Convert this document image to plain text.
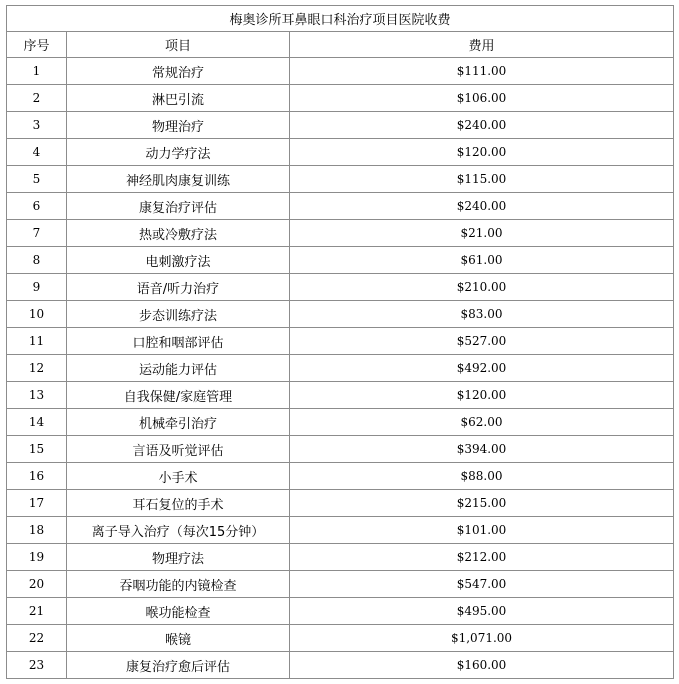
梅奥诊所耳鼻眼口科治疗项目医院收费		
序号	项目	费用
1	常规治疗	$111.00
2	淋巴引流	$106.00
3	物理治疗	$240.00
4	动力学疗法	$120.00
5	神经肌肉康复训练	$115.00
6	康复治疗评估	$240.00
7	热或冷敷疗法	$21.00
8	电刺激疗法	$61.00
9	语音/听力治疗	$210.00
10	步态训练疗法	$83.00
11	口腔和咽部评估	$527.00
12	运动能力评估	$492.00
13	自我保健/家庭管理	$120.00
14	机械牵引治疗	$62.00
15	言语及听觉评估	$394.00
16	小手术	$88.00
17	耳石复位的手术	$215.00
18	离子导入治疗（每次15分钟）	$101.00
19	物理疗法	$212.00
20	吞咽功能的内镜检查	$547.00
21	喉功能检查	$495.00
22	喉镜	$1,071.00
23	康复治疗愈后评估	$160.00
